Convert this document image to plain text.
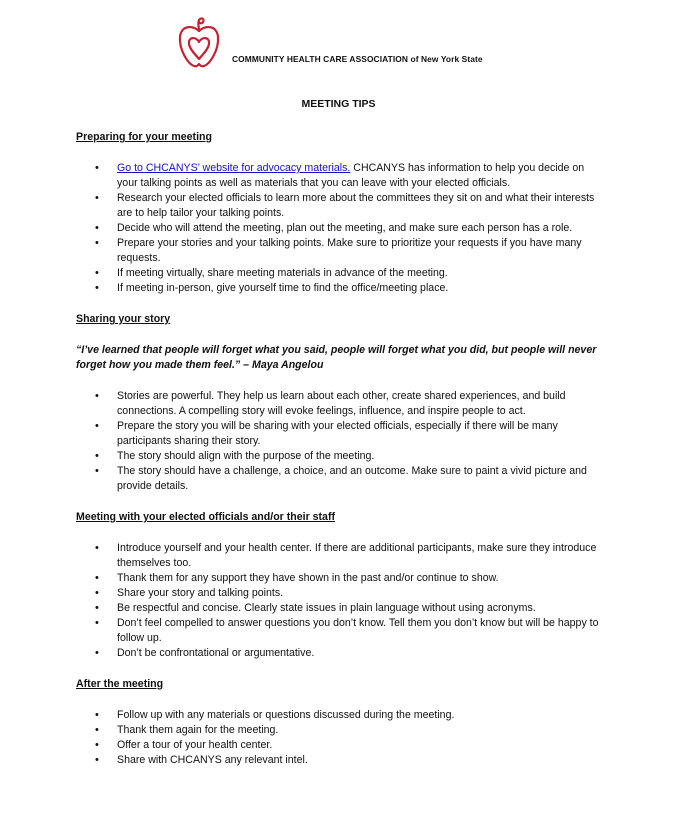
COMMUNITY HEALTH CARE ASSOCIATION of New York State
MEETING TIPS
Preparing for your meeting
• Go to CHCANYS’ website for advocacy materials. CHCANYS has information to help you decide on your talking points as well as materials that you can leave with your elected officials.
• Research your elected officials to learn more about the committees they sit on and what their interests are to help tailor your talking points.
• Decide who will attend the meeting, plan out the meeting, and make sure each person has a role.
• Prepare your stories and your talking points. Make sure to prioritize your requests if you have many requests.
• If meeting virtually, share meeting materials in advance of the meeting.
• If meeting in-person, give yourself time to find the office/meeting place.
Sharing your story
“I’ve learned that people will forget what you said, people will forget what you did, but people will never forget how you made them feel.” – Maya Angelou
• Stories are powerful. They help us learn about each other, create shared experiences, and build connections. A compelling story will evoke feelings, influence, and inspire people to act.
• Prepare the story you will be sharing with your elected officials, especially if there will be many participants sharing their story.
• The story should align with the purpose of the meeting.
• The story should have a challenge, a choice, and an outcome. Make sure to paint a vivid picture and provide details.
Meeting with your elected officials and/or their staff
• Introduce yourself and your health center. If there are additional participants, make sure they introduce themselves too.
• Thank them for any support they have shown in the past and/or continue to show.
• Share your story and talking points.
• Be respectful and concise. Clearly state issues in plain language without using acronyms.
• Don’t feel compelled to answer questions you don’t know. Tell them you don’t know but will be happy to follow up.
• Don’t be confrontational or argumentative.
After the meeting
• Follow up with any materials or questions discussed during the meeting.
• Thank them again for the meeting.
• Offer a tour of your health center.
• Share with CHCANYS any relevant intel.
